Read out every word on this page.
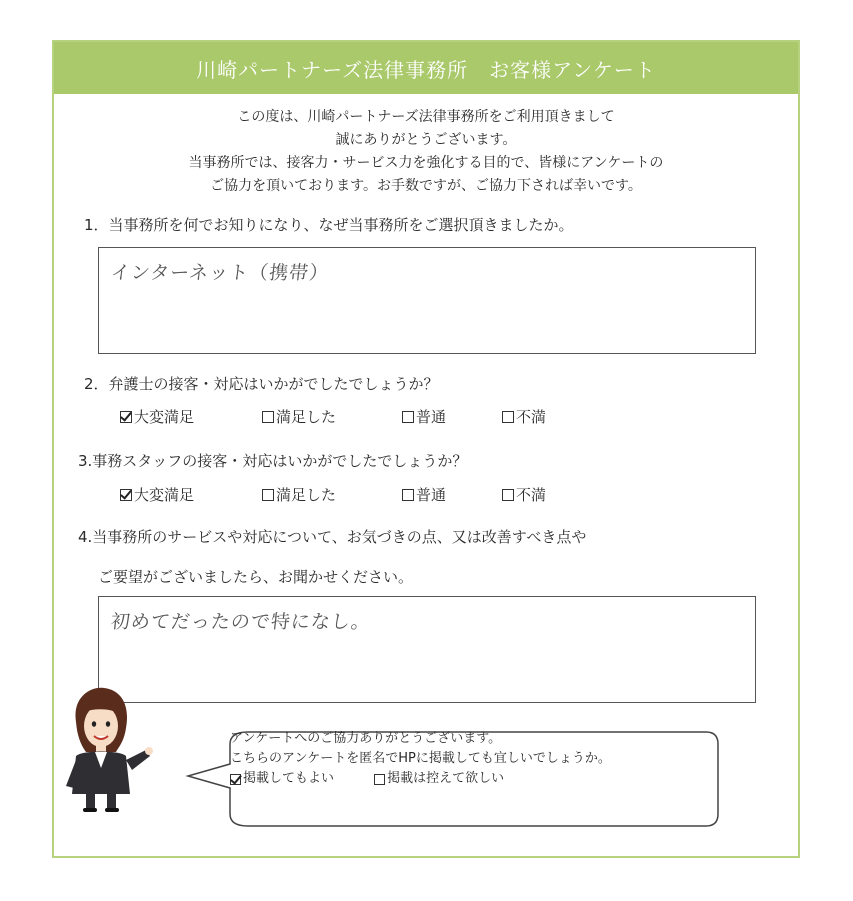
川崎パートナーズ法律事務所　お客様アンケート
この度は、川崎パートナーズ法律事務所をご利用頂きまして
誠にありがとうございます。
当事務所では、接客力・サービス力を強化する目的で、皆様にアンケートの
ご協力を頂いております。お手数ですが、ご協力下されば幸いです。
1．当事務所を何でお知りになり、なぜ当事務所をご選択頂きましたか。
インターネット（携帯）
2．弁護士の接客・対応はいかがでしたでしょうか？
大変満足	満足した	普通	不満
3.事務スタッフの接客・対応はいかがでしたでしょうか？
大変満足	満足した	普通	不満
4.当事務所のサービスや対応について、お気づきの点、又は改善すべき点や
ご要望がございましたら、お聞かせください。
初めてだったので特になし。
アンケートへのご協力ありがとうございます。
こちらのアンケートを匿名でHPに掲載しても宜しいでしょうか。
掲載してもよい
	掲載は控えて欲しい
